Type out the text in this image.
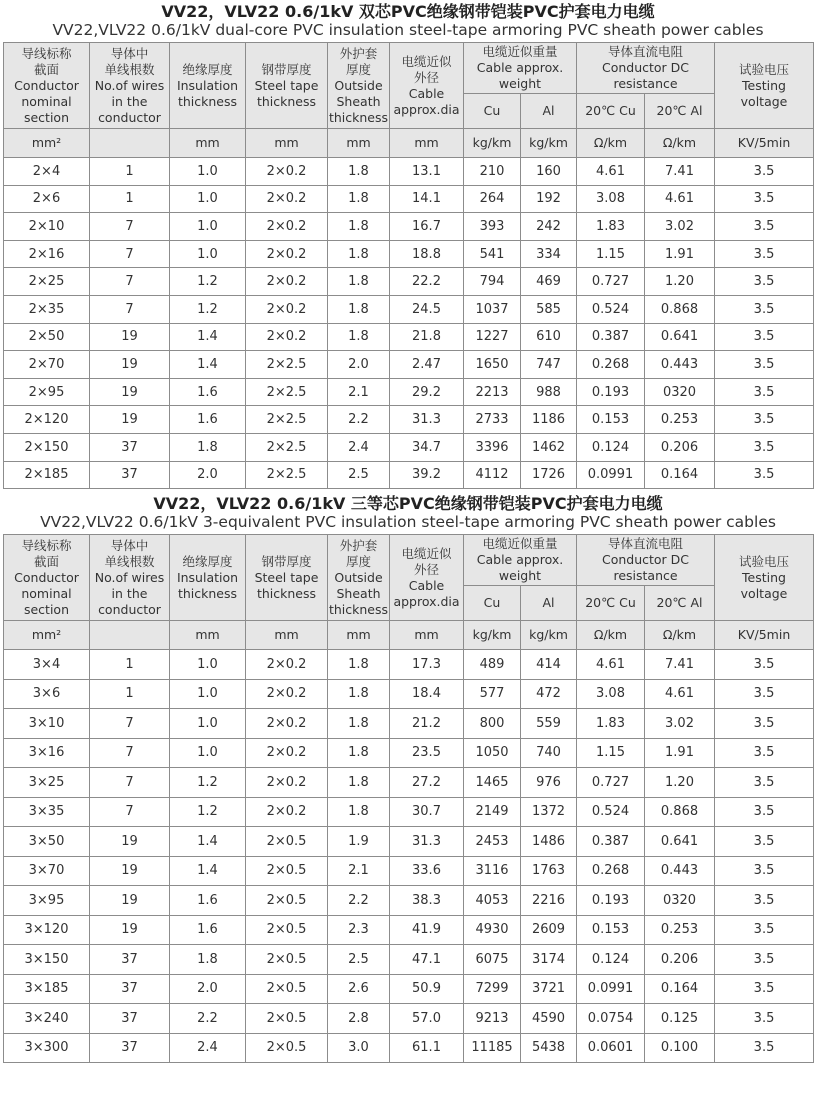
VV22，VLV22 0.6/1kV 双芯PVC绝缘钢带铠装PVC护套电力电缆

VV22,VLV22 0.6/1kV dual-core PVC insulation steel-tape armoring PVC sheath power cables

导线标称
截面
Conductor
nominal
section	导体中
单线根数
No.of wires
in the
conductor	绝缘厚度
Insulation
thickness	钢带厚度
Steel tape
thickness	外护套
厚度
Outside
Sheath
thickness	电缆近似
外径
Cable
approx.dia	电缆近似重量
Cable approx.
weight		导体直流电阻
Conductor DC
resistance		试验电压
Testing
voltage
						Cu	Al	20℃ Cu	20℃ Al	
mm²		mm	mm	mm	mm	kg/km	kg/km	Ω/km	Ω/km	KV/5min
2×4	1	1.0	2×0.2	1.8	13.1	210	160	4.61	7.41	3.5
2×6	1	1.0	2×0.2	1.8	14.1	264	192	3.08	4.61	3.5
2×10	7	1.0	2×0.2	1.8	16.7	393	242	1.83	3.02	3.5
2×16	7	1.0	2×0.2	1.8	18.8	541	334	1.15	1.91	3.5
2×25	7	1.2	2×0.2	1.8	22.2	794	469	0.727	1.20	3.5
2×35	7	1.2	2×0.2	1.8	24.5	1037	585	0.524	0.868	3.5
2×50	19	1.4	2×0.2	1.8	21.8	1227	610	0.387	0.641	3.5
2×70	19	1.4	2×2.5	2.0	2.47	1650	747	0.268	0.443	3.5
2×95	19	1.6	2×2.5	2.1	29.2	2213	988	0.193	0320	3.5
2×120	19	1.6	2×2.5	2.2	31.3	2733	1186	0.153	0.253	3.5
2×150	37	1.8	2×2.5	2.4	34.7	3396	1462	0.124	0.206	3.5
2×185	37	2.0	2×2.5	2.5	39.2	4112	1726	0.0991	0.164	3.5

VV22，VLV22 0.6/1kV 三等芯PVC绝缘钢带铠装PVC护套电力电缆

VV22,VLV22 0.6/1kV 3-equivalent PVC insulation steel-tape armoring PVC sheath power cables

导线标称
截面
Conductor
nominal
section	导体中
单线根数
No.of wires
in the
conductor	绝缘厚度
Insulation
thickness	钢带厚度
Steel tape
thickness	外护套
厚度
Outside
Sheath
thickness	电缆近似
外径
Cable
approx.dia	电缆近似重量
Cable approx.
weight		导体直流电阻
Conductor DC
resistance		试验电压
Testing
voltage
						Cu	Al	20℃ Cu	20℃ Al	
mm²		mm	mm	mm	mm	kg/km	kg/km	Ω/km	Ω/km	KV/5min
3×4	1	1.0	2×0.2	1.8	17.3	489	414	4.61	7.41	3.5
3×6	1	1.0	2×0.2	1.8	18.4	577	472	3.08	4.61	3.5
3×10	7	1.0	2×0.2	1.8	21.2	800	559	1.83	3.02	3.5
3×16	7	1.0	2×0.2	1.8	23.5	1050	740	1.15	1.91	3.5
3×25	7	1.2	2×0.2	1.8	27.2	1465	976	0.727	1.20	3.5
3×35	7	1.2	2×0.2	1.8	30.7	2149	1372	0.524	0.868	3.5
3×50	19	1.4	2×0.5	1.9	31.3	2453	1486	0.387	0.641	3.5
3×70	19	1.4	2×0.5	2.1	33.6	3116	1763	0.268	0.443	3.5
3×95	19	1.6	2×0.5	2.2	38.3	4053	2216	0.193	0320	3.5
3×120	19	1.6	2×0.5	2.3	41.9	4930	2609	0.153	0.253	3.5
3×150	37	1.8	2×0.5	2.5	47.1	6075	3174	0.124	0.206	3.5
3×185	37	2.0	2×0.5	2.6	50.9	7299	3721	0.0991	0.164	3.5
3×240	37	2.2	2×0.5	2.8	57.0	9213	4590	0.0754	0.125	3.5
3×300	37	2.4	2×0.5	3.0	61.1	11185	5438	0.0601	0.100	3.5
